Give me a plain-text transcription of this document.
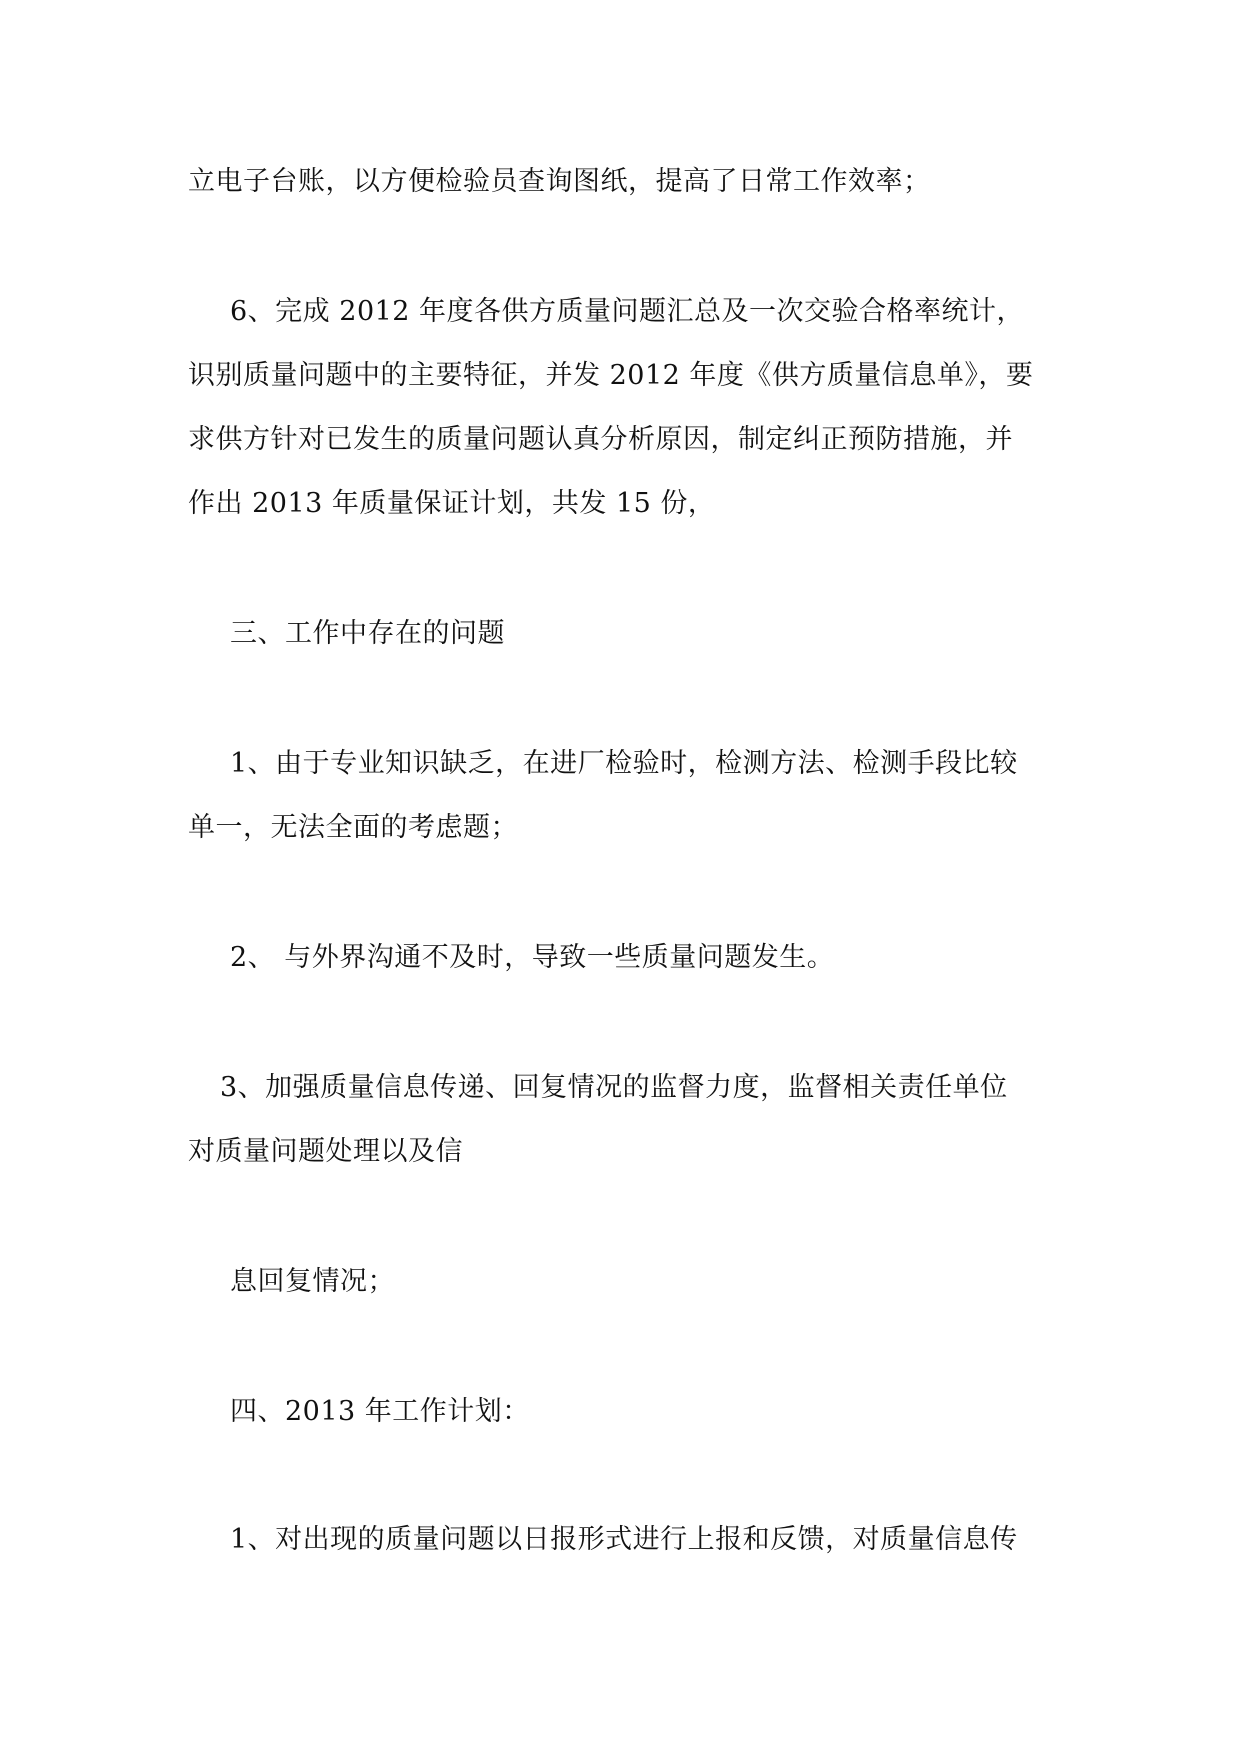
立电子台账，以方便检验员查询图纸，提高了日常工作效率；
6、完成 2012 年度各供方质量问题汇总及一次交验合格率统计，
识别质量问题中的主要特征，并发 2012 年度《供方质量信息单》，要
求供方针对已发生的质量问题认真分析原因，制定纠正预防措施，并
作出 2013 年质量保证计划，共发 15 份，
三、工作中存在的问题
1、由于专业知识缺乏，在进厂检验时，检测方法、检测手段比较
单一，无法全面的考虑题；
2、 与外界沟通不及时，导致一些质量问题发生。
3、加强质量信息传递、回复情况的监督力度，监督相关责任单位
对质量问题处理以及信
息回复情况；
四、2013 年工作计划：
1、对出现的质量问题以日报形式进行上报和反馈，对质量信息传
